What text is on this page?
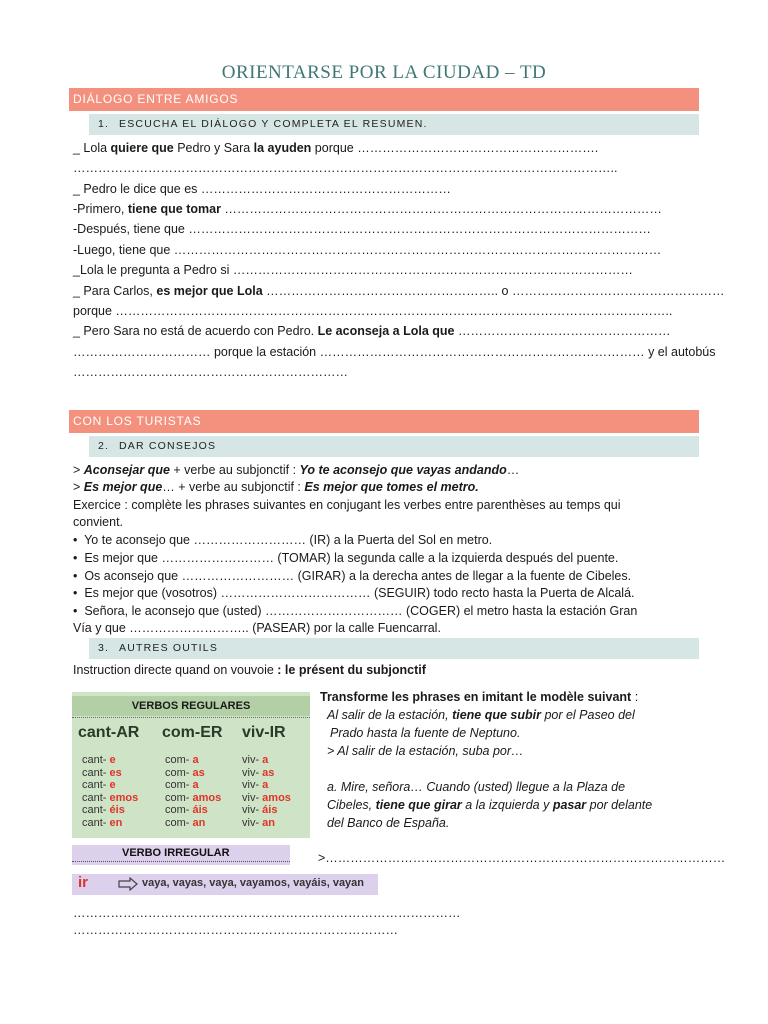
ORIENTARSE POR LA CIUDAD – TD
DIÁLOGO ENTRE AMIGOS
1. ESCUCHA EL DIÁLOGO Y COMPLETA EL RESUMEN.
_ Lola quiere que Pedro y Sara la ayuden porque ………………………………………………….
…………………………………………………………………………………………………………………..
_ Pedro le dice que es ……………………………………………………
-Primero, tiene que tomar ……………………………………………………………………………………………
-Después, tiene que …………………………………………………………………………………………………
-Luego, tiene que ………………………………………………………………………………………………………
_Lola le pregunta a Pedro si ……………………………………………………………………………………
_ Para Carlos, es mejor que Lola ……………………………………………….. o ……………………………………………
porque ……………………………………………………………………………………………………………………..
_ Pero Sara no está de acuerdo con Pedro. Le aconseja a Lola que ……………………………………………
…………………………… porque la estación …………………………………………………………………… y el autobús
…………………………………………………………
CON LOS TURISTAS
2. DAR CONSEJOS
> Aconsejar que + verbe au subjonctif : Yo te aconsejo que vayas andando…
> Es mejor que… + verbe au subjonctif : Es mejor que tomes el metro.
Exercice : complète les phrases suivantes en conjugant les verbes entre parenthèses au temps qui
convient.
•  Yo te aconsejo que ……………………… (IR) a la Puerta del Sol en metro.
•  Es mejor que ……………………… (TOMAR) la segunda calle a la izquierda después del puente.
•  Os aconsejo que ……………………… (GIRAR) a la derecha antes de llegar a la fuente de Cibeles.
•  Es mejor que (vosotros) ……………………………… (SEGUIR) todo recto hasta la Puerta de Alcalá.
•  Señora, le aconsejo que (usted) …………………………… (COGER) el metro hasta la estación Gran
Vía y que ……………………….. (PASEAR) por la calle Fuencarral.
3. AUTRES OUTILS
Instruction directe quand on vouvoie : le présent du subjonctif
VERBOS REGULARES
cant-AR com-ER viv-IR
cant- e
cant- es
cant- e
cant- emos
cant- éis
cant- en
com- a
com- as
com- a
com- amos
com- áis
com- an
viv- a
viv- as
viv- a
viv- amos
viv- áis
viv- an
VERBO IRREGULAR
ir	vaya, vayas, vaya, vayamos, vayáis, vayan
Transforme les phrases en imitant le modèle suivant :
Al salir de la estación, tiene que subir por el Paseo del
Prado hasta la fuente de Neptuno.
> Al salir de la estación, suba por…
a. Mire, señora… Cuando (usted) llegue a la Plaza de
Cibeles, tiene que girar a la izquierda y pasar por delante
del Banco de España.
>……………………………………………………………………………………
…………………………………………………………………………………
……………………………………………………………………
